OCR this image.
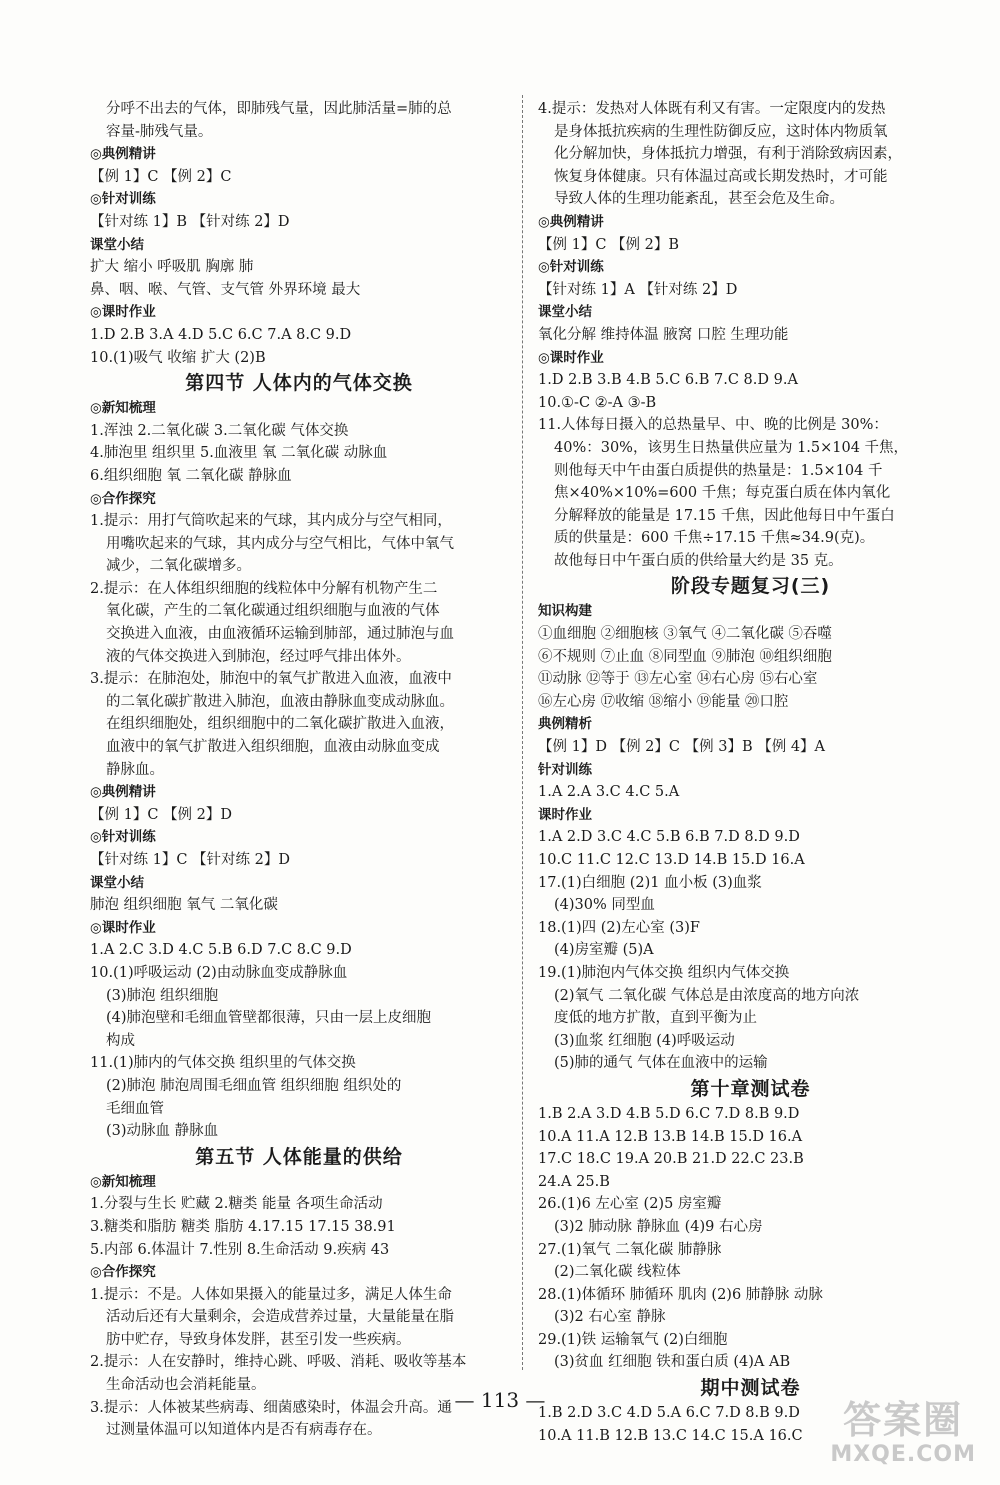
分呼不出去的气体，即肺残气量，因此肺活量=肺的总
容量-肺残气量。
◎典例精讲
【例 1】C 【例 2】C
◎针对训练
【针对练 1】B 【针对练 2】D
课堂小结
扩大 缩小 呼吸肌 胸廓 肺
鼻、咽、喉、气管、支气管 外界环境 最大
◎课时作业
1.D 2.B 3.A 4.D 5.C 6.C 7.A 8.C 9.D
10.(1)吸气 收缩 扩大 (2)B
第四节 人体内的气体交换
◎新知梳理
1.浑浊 2.二氧化碳 3.二氧化碳 气体交换
4.肺泡里 组织里 5.血液里 氧 二氧化碳 动脉血
6.组织细胞 氧 二氧化碳 静脉血
◎合作探究
1.提示：用打气筒吹起来的气球，其内成分与空气相同，
用嘴吹起来的气球，其内成分与空气相比，气体中氧气
减少，二氧化碳增多。
2.提示：在人体组织细胞的线粒体中分解有机物产生二
氧化碳，产生的二氧化碳通过组织细胞与血液的气体
交换进入血液，由血液循环运输到肺部，通过肺泡与血
液的气体交换进入到肺泡，经过呼气排出体外。
3.提示：在肺泡处，肺泡中的氧气扩散进入血液，血液中
的二氧化碳扩散进入肺泡，血液由静脉血变成动脉血。
在组织细胞处，组织细胞中的二氧化碳扩散进入血液，
血液中的氧气扩散进入组织细胞，血液由动脉血变成
静脉血。
◎典例精讲
【例 1】C 【例 2】D
◎针对训练
【针对练 1】C 【针对练 2】D
课堂小结
肺泡 组织细胞 氧气 二氧化碳
◎课时作业
1.A 2.C 3.D 4.C 5.B 6.D 7.C 8.C 9.D
10.(1)呼吸运动 (2)由动脉血变成静脉血
(3)肺泡 组织细胞
(4)肺泡壁和毛细血管壁都很薄，只由一层上皮细胞
构成
11.(1)肺内的气体交换 组织里的气体交换
(2)肺泡 肺泡周围毛细血管 组织细胞 组织处的
毛细血管
(3)动脉血 静脉血
第五节 人体能量的供给
◎新知梳理
1.分裂与生长 贮藏 2.糖类 能量 各项生命活动
3.糖类和脂肪 糖类 脂肪 4.17.15 17.15 38.91
5.内部 6.体温计 7.性别 8.生命活动 9.疾病 43
◎合作探究
1.提示：不是。人体如果摄入的能量过多，满足人体生命
活动后还有大量剩余，会造成营养过量，大量能量在脂
肪中贮存，导致身体发胖，甚至引发一些疾病。
2.提示：人在安静时，维持心跳、呼吸、消耗、吸收等基本
生命活动也会消耗能量。
3.提示：人体被某些病毒、细菌感染时，体温会升高。通
过测量体温可以知道体内是否有病毒存在。
4.提示：发热对人体既有利又有害。一定限度内的发热
是身体抵抗疾病的生理性防御反应，这时体内物质氧
化分解加快，身体抵抗力增强，有利于消除致病因素，
恢复身体健康。只有体温过高或长期发热时，才可能
导致人体的生理功能紊乱，甚至会危及生命。
◎典例精讲
【例 1】C 【例 2】B
◎针对训练
【针对练 1】A 【针对练 2】D
课堂小结
氧化分解 维持体温 腋窝 口腔 生理功能
◎课时作业
1.D 2.B 3.B 4.B 5.C 6.B 7.C 8.D 9.A
10.①-C ②-A ③-B
11.人体每日摄入的总热量早、中、晚的比例是 30%：
40%：30%，该男生日热量供应量为 1.5×104 千焦，
则他每天中午由蛋白质提供的热量是：1.5×104 千
焦×40%×10%=600 千焦；每克蛋白质在体内氧化
分解释放的能量是 17.15 千焦，因此他每日中午蛋白
质的供量是：600 千焦÷17.15 千焦≈34.9(克)。
故他每日中午蛋白质的供给量大约是 35 克。
阶段专题复习(三)
知识构建
①血细胞 ②细胞核 ③氧气 ④二氧化碳 ⑤吞噬
⑥不规则 ⑦止血 ⑧同型血 ⑨肺泡 ⑩组织细胞
⑪动脉 ⑫等于 ⑬左心室 ⑭右心房 ⑮右心室
⑯左心房 ⑰收缩 ⑱缩小 ⑲能量 ⑳口腔
典例精析
【例 1】D 【例 2】C 【例 3】B 【例 4】A
针对训练
1.A 2.A 3.C 4.C 5.A
课时作业
1.A 2.D 3.C 4.C 5.B 6.B 7.D 8.D 9.D
10.C 11.C 12.C 13.D 14.B 15.D 16.A
17.(1)白细胞 (2)1 血小板 (3)血浆
(4)30% 同型血
18.(1)四 (2)左心室 (3)F
(4)房室瓣 (5)A
19.(1)肺泡内气体交换 组织内气体交换
(2)氧气 二氧化碳 气体总是由浓度高的地方向浓
度低的地方扩散，直到平衡为止
(3)血浆 红细胞 (4)呼吸运动
(5)肺的通气 气体在血液中的运输
第十章测试卷
1.B 2.A 3.D 4.B 5.D 6.C 7.D 8.B 9.D
10.A 11.A 12.B 13.B 14.B 15.D 16.A
17.C 18.C 19.A 20.B 21.D 22.C 23.B
24.A 25.B
26.(1)6 左心室 (2)5 房室瓣
(3)2 肺动脉 静脉血 (4)9 右心房
27.(1)氧气 二氧化碳 肺静脉
(2)二氧化碳 线粒体
28.(1)体循环 肺循环 肌肉 (2)6 肺静脉 动脉
(3)2 右心室 静脉
29.(1)铁 运输氧气 (2)白细胞
(3)贫血 红细胞 铁和蛋白质 (4)A AB
期中测试卷
1.B 2.D 3.C 4.D 5.A 6.C 7.D 8.B 9.D
10.A 11.B 12.B 13.C 14.C 15.A 16.C
— 113 —	答案圈
MXQE.COM
